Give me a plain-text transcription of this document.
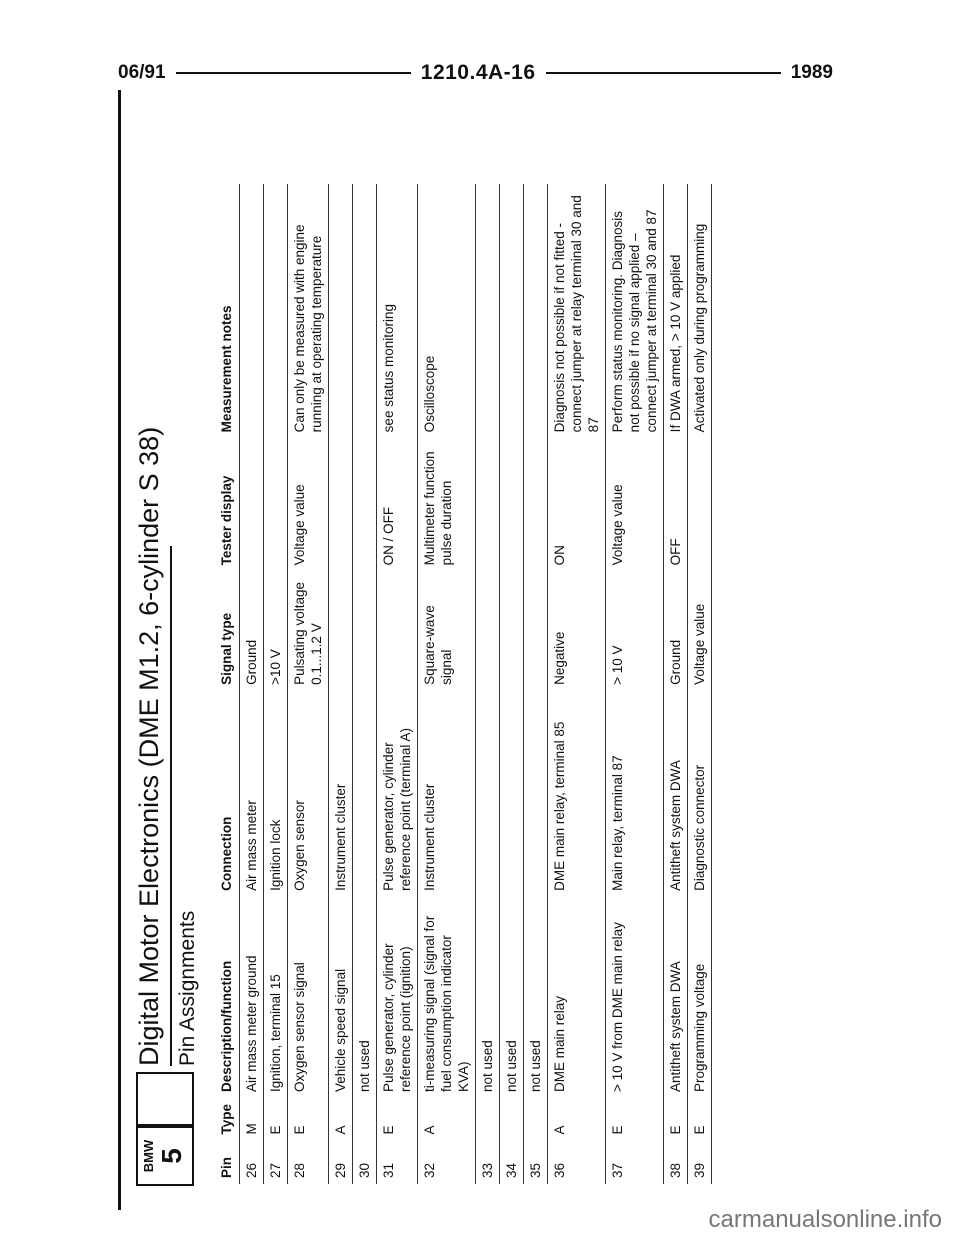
06/91	1210.4A-16	1989
BMW 5
Digital Motor Electronics (DME M1.2, 6-cylinder S 38) Pin Assignments
Pin	Type	Description/function	Connection	Signal type	Tester display	Measurement notes
26	M	Air mass meter ground	Air mass meter	Ground		
27	E	Ignition, terminal 15	Ignition lock	>10 V		
28	E	Oxygen sensor signal	Oxygen sensor	Pulsating voltage 0.1...1.2 V	Voltage value	Can only be measured with engine running at operating temperature
29	A	Vehicle speed signal	Instrument cluster			
30		not used				
31	E	Pulse generator, cylinder reference point (ignition)	Pulse generator, cylinder reference point (terminal A)		ON / OFF	see status monitoring
32	A	ti-measuring signal (signal for fuel consumption indicator KVA)	Instrument cluster	Square-wave signal	Multimeter function pulse duration	Oscilloscope
33		not used				
34		not used				
35		not used				
36	A	DME main relay	DME main relay, terminal 85	Negative	ON	Diagnosis not possible if not fitted - connect jumper at relay terminal 30 and 87
37	E	> 10 V from DME main relay	Main relay, terminal 87	> 10 V	Voltage value	Perform status monitoring. Diagnosis not possible if no signal applied – connect jumper at terminal 30 and 87
38	E	Antitheft system DWA	Antitheft system DWA	Ground	OFF	If DWA armed, > 10 V applied
39	E	Programming voltage	Diagnostic connector	Voltage value		Activated only during programming
carmanualsonline.info
